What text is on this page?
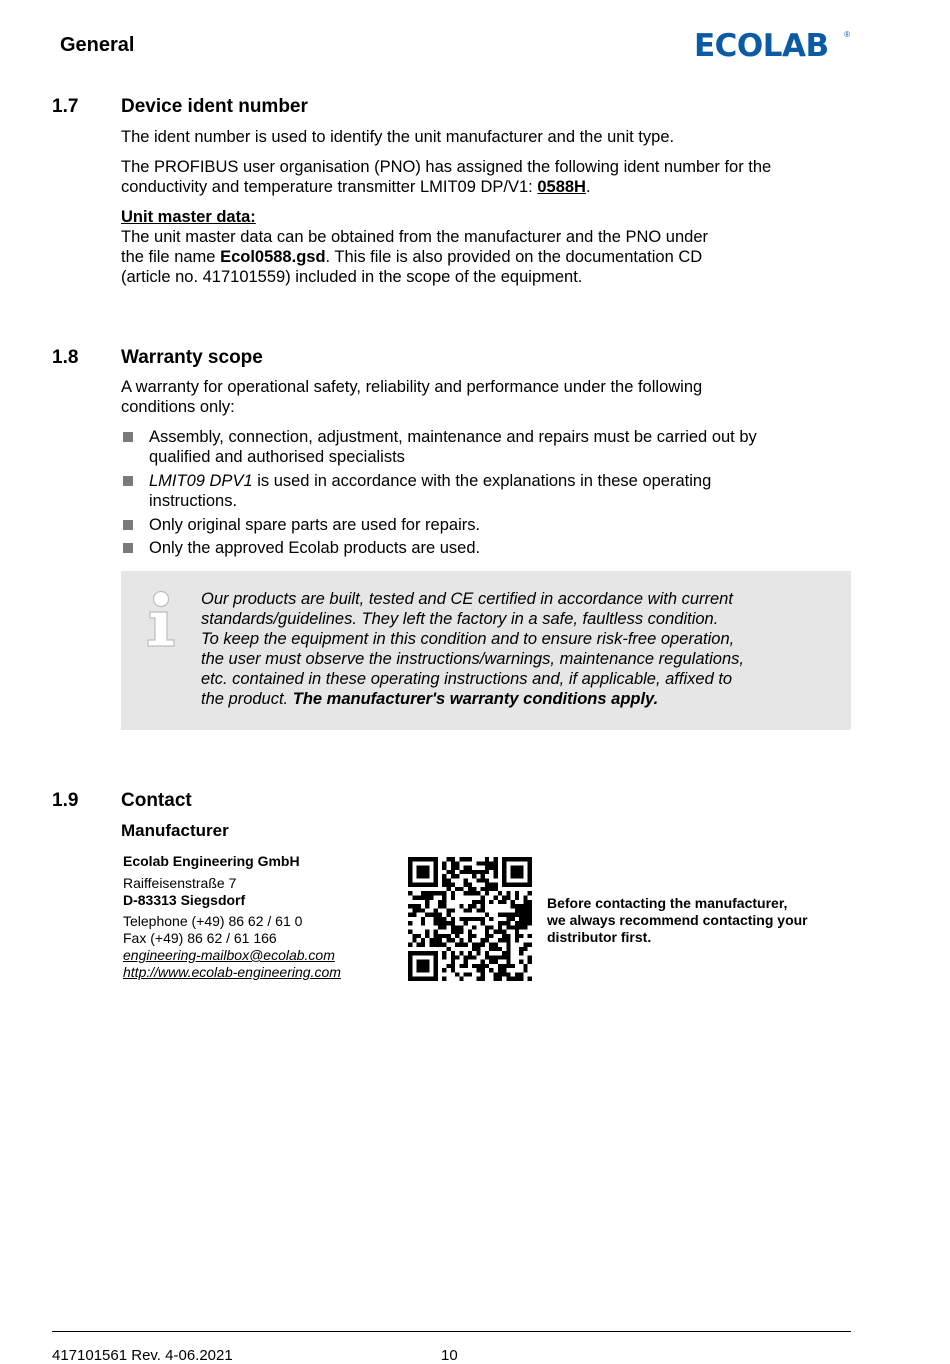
General	ECOLAB ®
1.7 Device ident number
The ident number is used to identify the unit manufacturer and the unit type.
The PROFIBUS user organisation (PNO) has assigned the following ident number for the
conductivity and temperature transmitter LMIT09 DP/V1: 0588H.
Unit master data:
The unit master data can be obtained from the manufacturer and the PNO under
the file name Ecol0588.gsd. This file is also provided on the documentation CD
(article no. 417101559) included in the scope of the equipment.
1.8 Warranty scope
A warranty for operational safety, reliability and performance under the following
conditions only:
Assembly, connection, adjustment, maintenance and repairs must be carried out by
qualified and authorised specialists
LMIT09 DPV1 is used in accordance with the explanations in these operating
instructions.
Only original spare parts are used for repairs.
Only the approved Ecolab products are used.
Our products are built, tested and CE certified in accordance with current
standards/guidelines. They left the factory in a safe, faultless condition.
To keep the equipment in this condition and to ensure risk-free operation,
the user must observe the instructions/warnings, maintenance regulations,
etc. contained in these operating instructions and, if applicable, affixed to
the product. The manufacturer's warranty conditions apply.
1.9 Contact
Manufacturer
Ecolab Engineering GmbH
Raiffeisenstraße 7
D-83313 Siegsdorf
Telephone (+49) 86 62 / 61 0
Fax (+49) 86 62 / 61 166
engineering-mailbox@ecolab.com
http://www.ecolab-engineering.com
Before contacting the manufacturer,
we always recommend contacting your
distributor first.
417101561 Rev. 4-06.2021	10
